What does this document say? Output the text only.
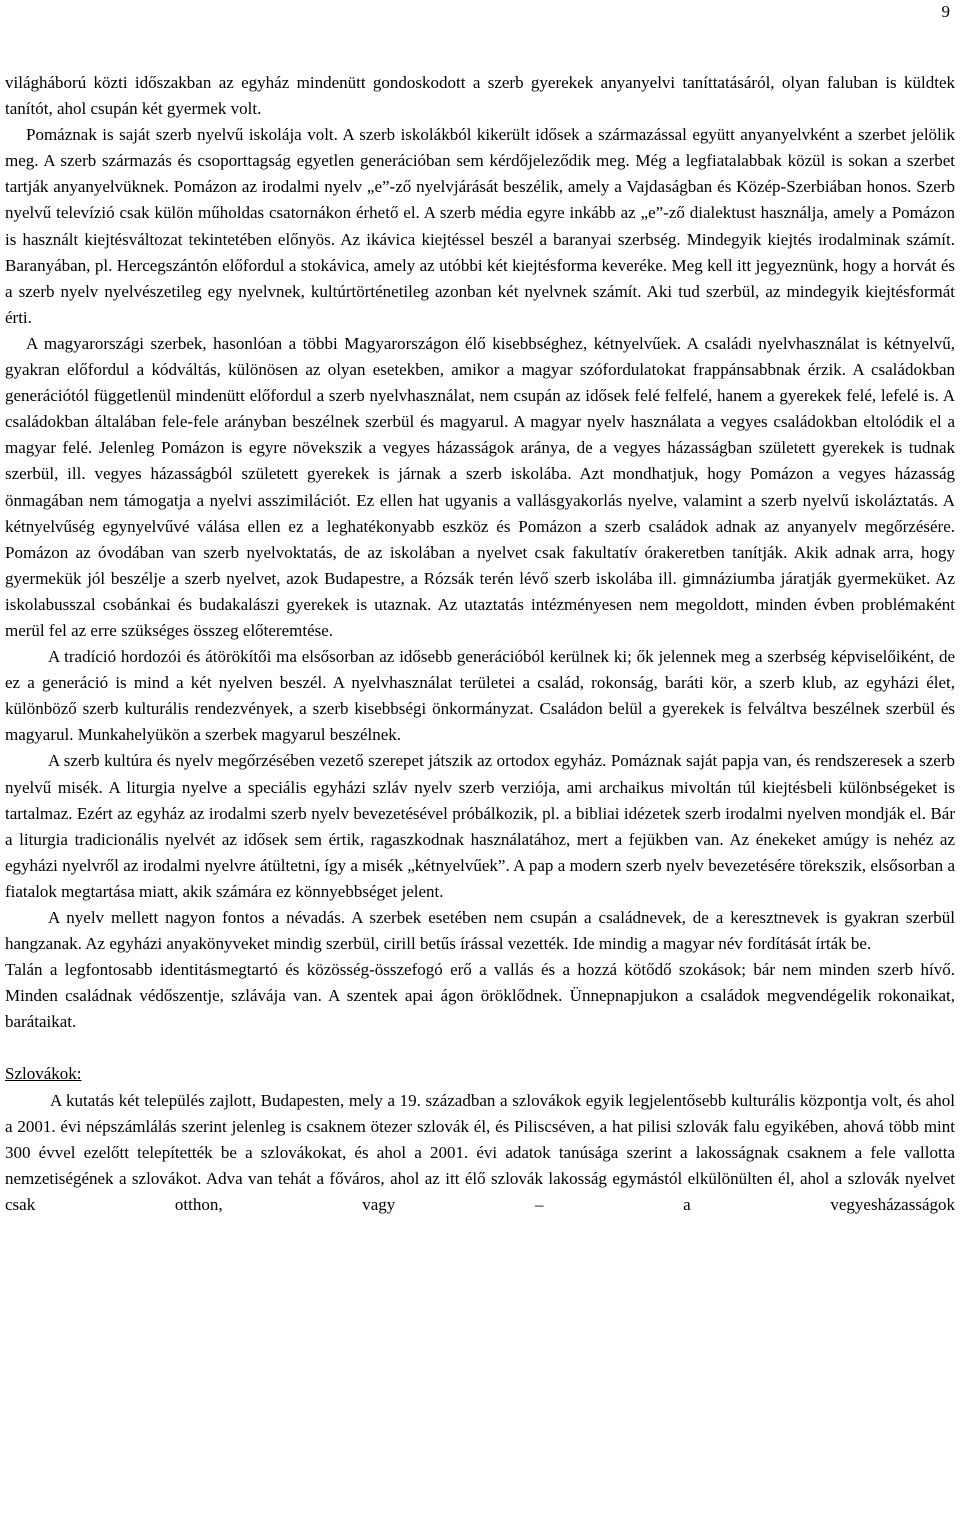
9

világháború közti időszakban az egyház mindenütt gondoskodott a szerb gyerekek anyanyelvi taníttatásáról, olyan faluban is küldtek tanítót, ahol csupán két gyermek volt.

Pomáznak is saját szerb nyelvű iskolája volt. A szerb iskolákból kikerült idősek a származással együtt anyanyelvként a szerbet jelölik meg. A szerb származás és csoporttagság egyetlen generációban sem kérdőjeleződik meg. Még a legfiatalabbak közül is sokan a szerbet tartják anyanyelvüknek. Pomázon az irodalmi nyelv „e”-ző nyelvjárását beszélik, amely a Vajdaságban és Közép-Szerbiában honos. Szerb nyelvű televízió csak külön műholdas csatornákon érhető el. A szerb média egyre inkább az „e”-ző dialektust használja, amely a Pomázon is használt kiejtésváltozat tekintetében előnyös. Az ikávica kiejtéssel beszél a baranyai szerbség. Mindegyik kiejtés irodalminak számít. Baranyában, pl. Hercegszántón előfordul a stokávica, amely az utóbbi két kiejtésforma keveréke. Meg kell itt jegyeznünk, hogy a horvát és a szerb nyelv nyelvészetileg egy nyelvnek, kultúrtörténetileg azonban két nyelvnek számít. Aki tud szerbül, az mindegyik kiejtésformát érti.

A magyarországi szerbek, hasonlóan a többi Magyarországon élő kisebbséghez, kétnyelvűek. A családi nyelvhasználat is kétnyelvű, gyakran előfordul a kódváltás, különösen az olyan esetekben, amikor a magyar szófordulatokat frappánsabbnak érzik. A családokban generációtól függetlenül mindenütt előfordul a szerb nyelvhasználat, nem csupán az idősek felé felfelé, hanem a gyerekek felé, lefelé is. A családokban általában fele-fele arányban beszélnek szerbül és magyarul. A magyar nyelv használata a vegyes családokban eltolódik el a magyar felé. Jelenleg Pomázon is egyre növekszik a vegyes házasságok aránya, de a vegyes házasságban született gyerekek is tudnak szerbül, ill. vegyes házasságból született gyerekek is járnak a szerb iskolába. Azt mondhatjuk, hogy Pomázon a vegyes házasság önmagában nem támogatja a nyelvi asszimilációt. Ez ellen hat ugyanis a vallásgyakorlás nyelve, valamint a szerb nyelvű iskoláztatás. A kétnyelvűség egynyelvűvé válása ellen ez a leghatékonyabb eszköz és Pomázon a szerb családok adnak az anyanyelv megőrzésére. Pomázon az óvodában van szerb nyelvoktatás, de az iskolában a nyelvet csak fakultatív órakeretben tanítják. Akik adnak arra, hogy gyermekük jól beszélje a szerb nyelvet, azok Budapestre, a Rózsák terén lévő szerb iskolába ill. gimnáziumba járatják gyermeküket. Az iskolabusszal csobánkai és budakalászi gyerekek is utaznak. Az utaztatás intézményesen nem megoldott, minden évben problémaként merül fel az erre szükséges összeg előteremtése.

A tradíció hordozói és átörökítői ma elsősorban az idősebb generációból kerülnek ki; ők jelennek meg a szerbség képviselőiként, de ez a generáció is mind a két nyelven beszél. A nyelvhasználat területei a család, rokonság, baráti kör, a szerb klub, az egyházi élet, különböző szerb kulturális rendezvények, a szerb kisebbségi önkormányzat. Családon belül a gyerekek is felváltva beszélnek szerbül és magyarul. Munkahelyükön a szerbek magyarul beszélnek.

A szerb kultúra és nyelv megőrzésében vezető szerepet játszik az ortodox egyház. Pomáznak saját papja van, és rendszeresek a szerb nyelvű misék. A liturgia nyelve a speciális egyházi szláv nyelv szerb verziója, ami archaikus mivoltán túl kiejtésbeli különbségeket is tartalmaz. Ezért az egyház az irodalmi szerb nyelv bevezetésével próbálkozik, pl. a bibliai idézetek szerb irodalmi nyelven mondják el. Bár a liturgia tradicionális nyelvét az idősek sem értik, ragaszkodnak használatához, mert a fejükben van. Az énekeket amúgy is nehéz az egyházi nyelvről az irodalmi nyelvre átültetni, így a misék „kétnyelvűek”. A pap a modern szerb nyelv bevezetésére törekszik, elsősorban a fiatalok megtartása miatt, akik számára ez könnyebbséget jelent.

A nyelv mellett nagyon fontos a névadás. A szerbek esetében nem csupán a családnevek, de a keresztnevek is gyakran szerbül hangzanak. Az egyházi anyakönyveket mindig szerbül, cirill betűs írással vezették. Ide mindig a magyar név fordítását írták be.

Talán a legfontosabb identitásmegtartó és közösség-összefogó erő a vallás és a hozzá kötődő szokások; bár nem minden szerb hívő. Minden családnak védőszentje, szlávája van. A szentek apai ágon öröklődnek. Ünnepnapjukon a családok megvendégelik rokonaikat, barátaikat.

Szlovákok:

A kutatás két település zajlott, Budapesten, mely a 19. században a szlovákok egyik legjelentősebb kulturális központja volt, és ahol a 2001. évi népszámlálás szerint jelenleg is csaknem ötezer szlovák él, és Piliscséven, a hat pilisi szlovák falu egyikében, ahová több mint 300 évvel ezelőtt telepítették be a szlovákokat, és ahol a 2001. évi adatok tanúsága szerint a lakosságnak csaknem a fele vallotta nemzetiségének a szlovákot. Adva van tehát a főváros, ahol az itt élő szlovák lakosság egymástól elkülönülten él, ahol a szlovák nyelvet csak otthon, vagy – a vegyesházasságok
